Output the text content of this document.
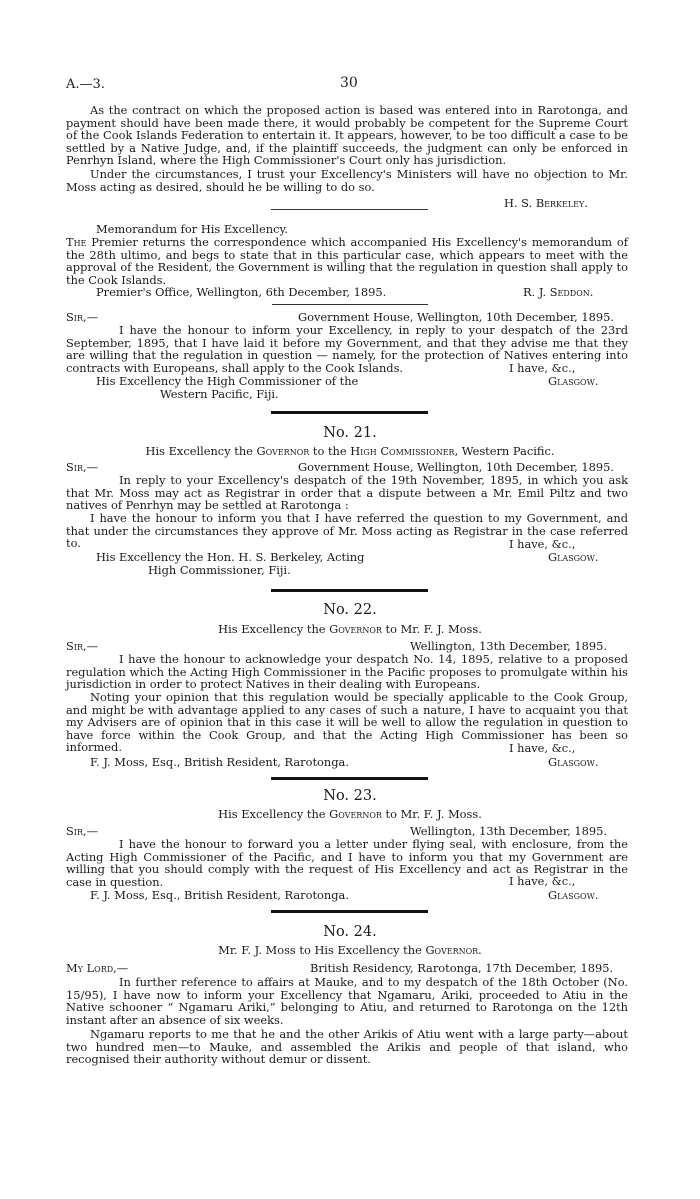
A.—3.	30

As the contract on which the proposed action is based was entered into in Rarotonga, and payment should have been made there, it would probably be competent for the Supreme Court of the Cook Islands Federation to entertain it. It appears, however, to be too difficult a case to be settled by a Native Judge, and, if the plaintiff succeeds, the judgment can only be enforced in Penrhyn Island, where the High Commissioner's Court only has jurisdiction.

Under the circumstances, I trust your Excellency's Ministers will have no objection to Mr. Moss acting as desired, should he be willing to do so.

H. S. Berkeley.
Memorandum for His Excellency.

The Premier returns the correspondence which accompanied His Excellency's memorandum of the 28th ultimo, and begs to state that in this particular case, which appears to meet with the approval of the Resident, the Government is willing that the regulation in question shall apply to the Cook Islands.

Premier's Office, Wellington, 6th December, 1895.	R. J. Seddon.
Sir,—	Government House, Wellington, 10th December, 1895.

I have the honour to inform your Excellency, in reply to your despatch of the 23rd September, 1895, that I have laid it before my Government, and that they advise me that they are willing that the regulation in question — namely, for the protection of Natives entering into contracts with Europeans, shall apply to the Cook Islands.	I have, &c.,
His Excellency the High Commissioner of the	Glasgow.
Western Pacific, Fiji.
No. 21.
His Excellency the Governor to the High Commissioner, Western Pacific.
Sir,—	Government House, Wellington, 10th December, 1895.

In reply to your Excellency's despatch of the 19th November, 1895, in which you ask that Mr. Moss may act as Registrar in order that a dispute between a Mr. Emil Piltz and two natives of Penrhyn may be settled at Rarotonga :

I have the honour to inform you that I have referred the question to my Government, and that under the circumstances they approve of Mr. Moss acting as Registrar in the case referred to.	I have, &c.,
His Excellency the Hon. H. S. Berkeley, Acting	Glasgow.
High Commissioner, Fiji.
No. 22.
His Excellency the Governor to Mr. F. J. Moss.
Sir,—	Wellington, 13th December, 1895.

I have the honour to acknowledge your despatch No. 14, 1895, relative to a proposed regulation which the Acting High Commissioner in the Pacific proposes to promulgate within his jurisdiction in order to protect Natives in their dealing with Europeans.

Noting your opinion that this regulation would be specially applicable to the Cook Group, and might be with advantage applied to any cases of such a nature, I have to acquaint you that my Advisers are of opinion that in this case it will be well to allow the regulation in question to have force within the Cook Group, and that the Acting High Commissioner has been so informed.	I have, &c.,
F. J. Moss, Esq., British Resident, Rarotonga.	Glasgow.
No. 23.
His Excellency the Governor to Mr. F. J. Moss.
Sir,—	Wellington, 13th December, 1895.

I have the honour to forward you a letter under flying seal, with enclosure, from the Acting High Commissioner of the Pacific, and I have to inform you that my Government are willing that you should comply with the request of His Excellency and act as Registrar in the case in question.	I have, &c.,
F. J. Moss, Esq., British Resident, Rarotonga.	Glasgow.
No. 24.
Mr. F. J. Moss to His Excellency the Governor.
My Lord,—	British Residency, Rarotonga, 17th December, 1895.

In further reference to affairs at Mauke, and to my despatch of the 18th October (No. 15/95), I have now to inform your Excellency that Ngamaru, Ariki, proceeded to Atiu in the Native schooner “ Ngamaru Ariki,” belonging to Atiu, and returned to Rarotonga on the 12th instant after an absence of six weeks.

Ngamaru reports to me that he and the other Arikis of Atiu went with a large party—about two hundred men—to Mauke, and assembled the Arikis and people of that island, who recognised their authority without demur or dissent.
